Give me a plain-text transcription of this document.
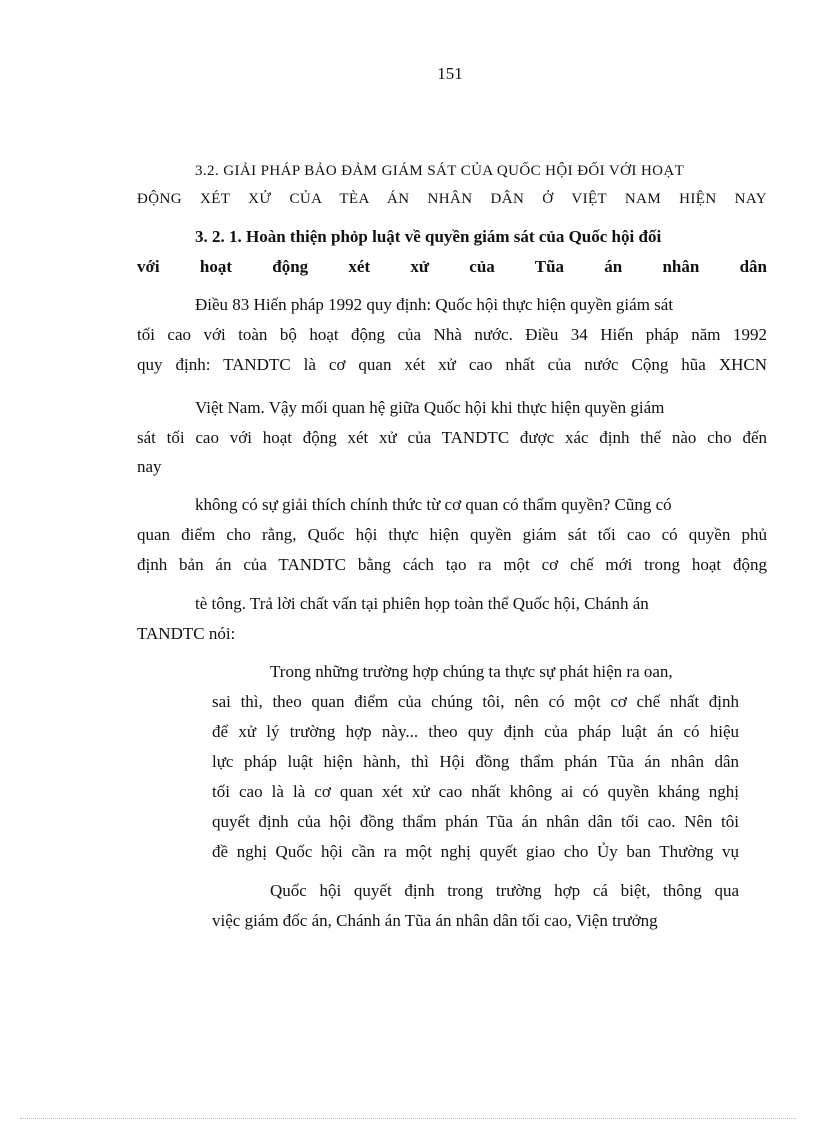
151
3.2. GIẢI PHÁP BẢO ĐẢM GIÁM SÁT CỦA QUỐC HỘI ĐỐI VỚI HOẠT
ĐỘNG XÉT XỬ CỦA TÈA ÁN NHÂN DÂN Ở VIỆT NAM HIỆN NAY
3. 2. 1. Hoàn thiện phỏp luật về quyền giám sát của Quốc hội đối
với hoạt động xét xử của Tũa án nhân dân
Điều 83 Hiến pháp 1992 quy định: Quốc hội thực hiện quyền giám sát
tối cao với toàn bộ hoạt động của Nhà nước. Điều 34 Hiến pháp năm 1992
quy định: TANDTC là cơ quan xét xử cao nhất của nước Cộng hũa XHCN
Việt Nam. Vậy mối quan hệ giữa Quốc hội khi thực hiện quyền giám
sát tối cao với hoạt động xét xử của TANDTC được xác định thế nào cho đến
nay
không có sự giải thích chính thức từ cơ quan có thẩm quyền? Cũng có
quan điểm cho rằng, Quốc hội thực hiện quyền giám sát tối cao có quyền phủ
định bản án của TANDTC bằng cách tạo ra một cơ chế mới trong hoạt động
tè tông. Trả lời chất vấn tại phiên họp toàn thể Quốc hội, Chánh án
TANDTC nói:
Trong những trường hợp chúng ta thực sự phát hiện ra oan,
sai thì, theo quan điểm của chúng tôi, nên có một cơ chế nhất định
để xử lý trường hợp này... theo quy định của pháp luật án có hiệu
lực pháp luật hiện hành, thì Hội đồng thẩm phán Tũa án nhân dân
tối cao là là cơ quan xét xử cao nhất không ai có quyền kháng nghị
quyết định của hội đồng thẩm phán Tũa án nhân dân tối cao. Nên tôi
đề nghị Quốc hội cần ra một nghị quyết giao cho Ủy ban Thường vụ
Quốc hội quyết định trong trường hợp cá biệt, thông qua
việc giám đốc án, Chánh án Tũa án nhân dân tối cao, Viện trưởng
